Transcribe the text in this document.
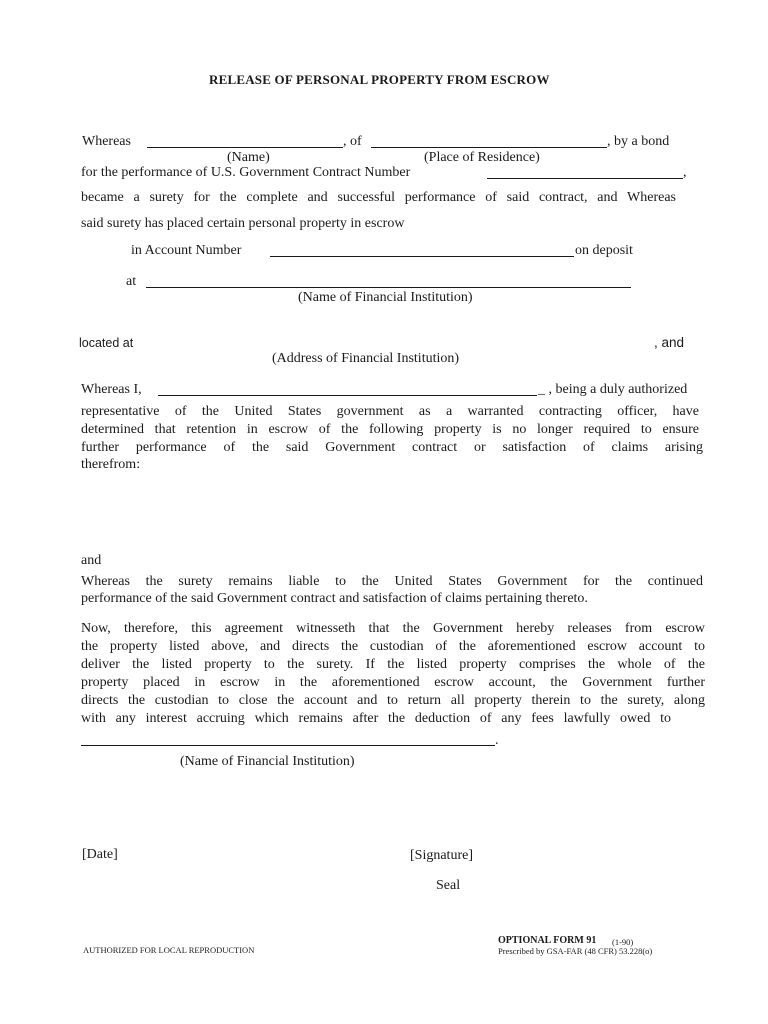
RELEASE OF PERSONAL PROPERTY FROM ESCROW
Whereas	, of	, by a bond
(Name)	(Place of Residence)
for the performance of U.S. Government Contract Number	,
became a surety for the complete and successful performance of said contract, and Whereas
said surety has placed certain personal property in escrow
in Account Number	on deposit
at
(Name of Financial Institution)
located at	, and
(Address of Financial Institution)
Whereas I,	_ , being a duly authorized
representative of the United States government as a warranted contracting officer, have
determined that retention in escrow of the following property is no longer required to ensure
further performance of the said Government contract or satisfaction of claims arising
therefrom:
and
Whereas the surety remains liable to the United States Government for the continued
performance of the said Government contract and satisfaction of claims pertaining thereto.
Now, therefore, this agreement witnesseth that the Government hereby releases from escrow
the property listed above, and directs the custodian of the aforementioned escrow account to
deliver the listed property to the surety. If the listed property comprises the whole of the
property placed in escrow in the aforementioned escrow account, the Government further
directs the custodian to close the account and to return all property therein to the surety, along
with any interest accruing which remains after the deduction of any fees lawfully owed to
.
(Name of Financial Institution)
[Date]	[Signature]
Seal
AUTHORIZED FOR LOCAL REPRODUCTION
OPTIONAL FORM 91 (1-90)
Prescribed by GSA-FAR (48 CFR) 53.228(o)
